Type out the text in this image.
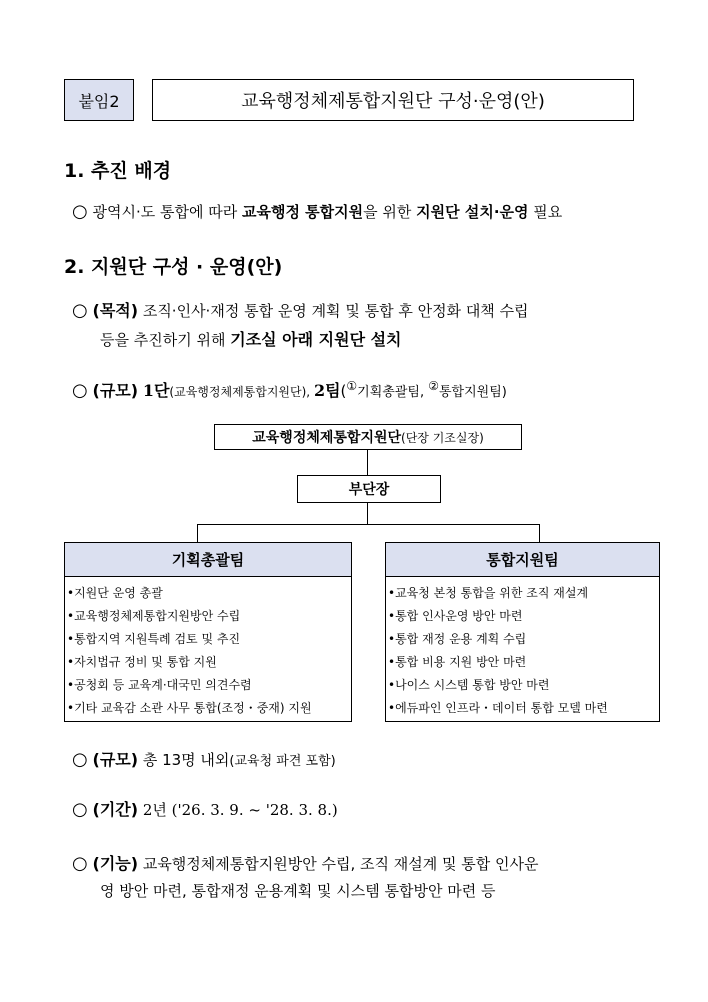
붙임2	교육행정체제통합지원단 구성·운영(안)
1. 추진 배경
○ 광역시·도 통합에 따라 교육행정 통합지원을 위한 지원단 설치·운영 필요
2. 지원단 구성 · 운영(안)
○ (목적) 조직·인사·재정 통합 운영 계획 및 통합 후 안정화 대책 수립
등을 추진하기 위해 기조실 아래 지원단 설치
○ (규모) 1단(교육행정체제통합지원단), 2팀(①기획총괄팀, ②통합지원팀)
교육행정체제통합지원단 (단장 기조실장)
부단장
기획총괄팀
• 지원단 운영 총괄
• 교육행정체제통합지원방안 수립
• 통합지역 지원특례 검토 및 추진
• 자치법규 정비 및 통합 지원
• 공청회 등 교육계·대국민 의견수렴
• 기타 교육감 소관 사무 통합(조정・중재) 지원
통합지원팀
• 교육청 본청 통합을 위한 조직 재설계
• 통합 인사운영 방안 마련
• 통합 재정 운용 계획 수립
• 통합 비용 지원 방안 마련
• 나이스 시스템 통합 방안 마련
• 에듀파인 인프라・데이터 통합 모델 마련
○ (규모) 총 13명 내외(교육청 파견 포함)
○ (기간) 2년 ('26. 3. 9. ~ '28. 3. 8.)
○ (기능) 교육행정체제통합지원방안 수립, 조직 재설계 및 통합 인사운
영 방안 마련, 통합재정 운용계획 및 시스템 통합방안 마련 등
